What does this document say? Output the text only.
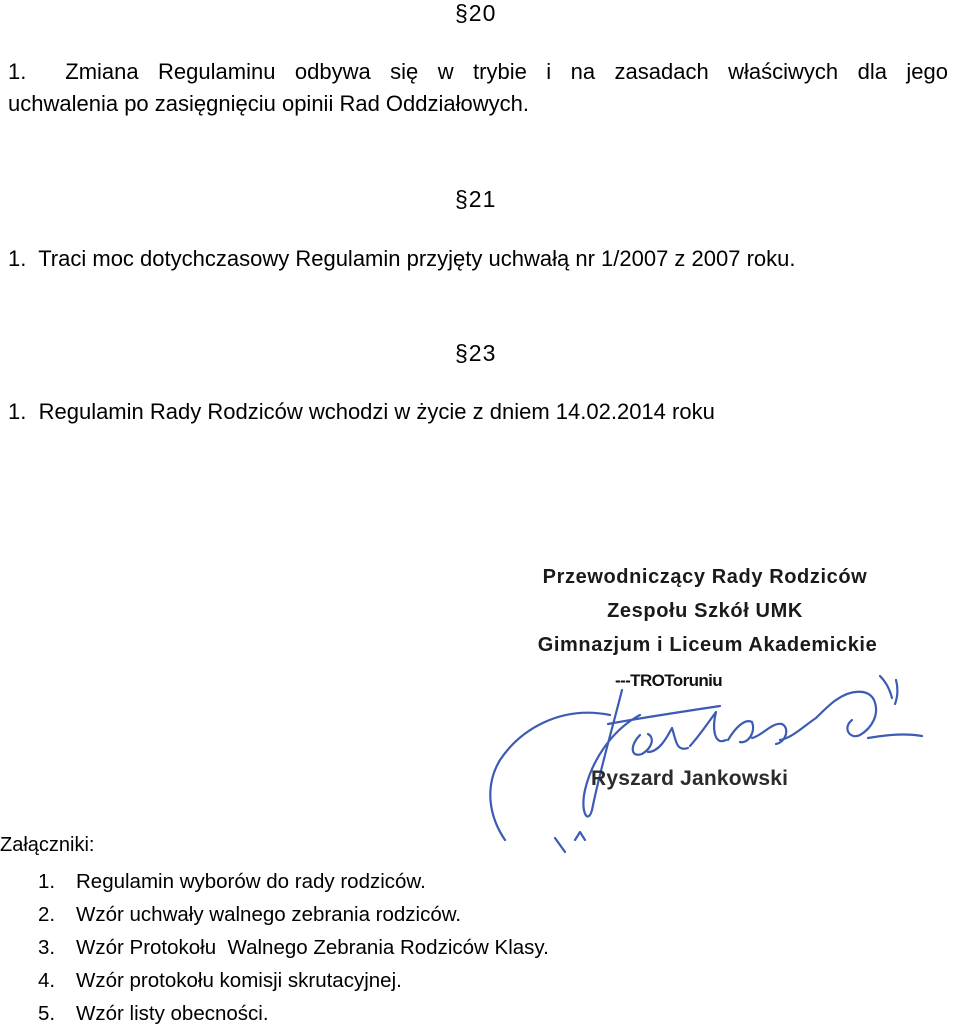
§20
1. Zmiana Regulaminu odbywa się w trybie i na zasadach właściwych dla jego
uchwalenia po zasięgnięciu opinii Rad Oddziałowych.
§21
1. Traci moc dotychczasowy Regulamin przyjęty uchwałą nr 1/2007 z 2007 roku.
§23
1. Regulamin Rady Rodziców wchodzi w życie z dniem 14.02.2014 roku
Przewodniczący Rady Rodziców
Zespołu Szkół UMK
Gimnazjum i Liceum Akademickie
---TROToruniu
Ryszard Jankowski
Załączniki:
1. Regulamin wyborów do rady rodziców.
2. Wzór uchwały walnego zebrania rodziców.
3. Wzór Protokołu  Walnego Zebrania Rodziców Klasy.
4. Wzór protokołu komisji skrutacyjnej.
5. Wzór listy obecności.
